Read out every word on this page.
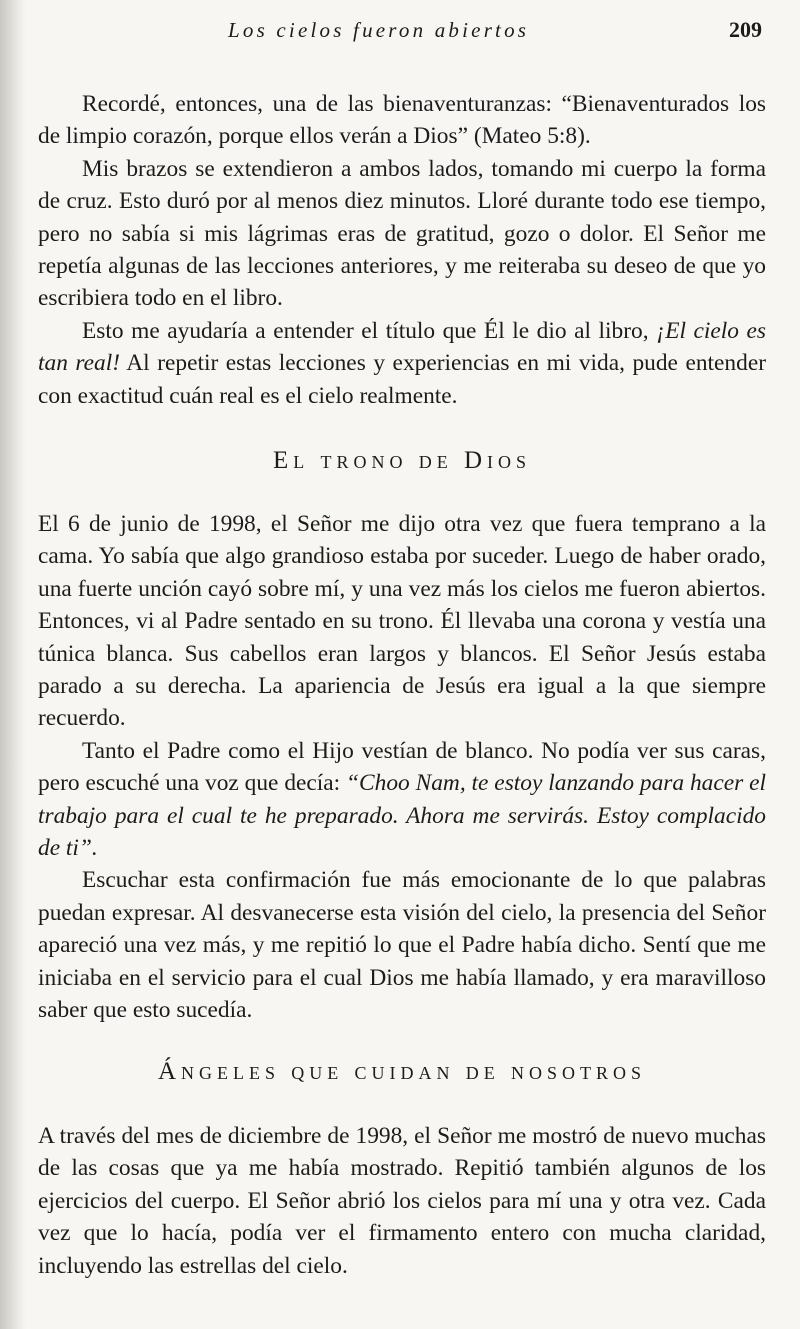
Los cielos fueron abiertos	209

Recordé, entonces, una de las bienaventuranzas: “Bienaventurados los de limpio corazón, porque ellos verán a Dios” (Mateo 5:8).

Mis brazos se extendieron a ambos lados, tomando mi cuerpo la forma de cruz. Esto duró por al menos diez minutos. Lloré durante todo ese tiempo, pero no sabía si mis lágrimas eras de gratitud, gozo o dolor. El Señor me repetía algunas de las lecciones anteriores, y me reiteraba su deseo de que yo escribiera todo en el libro.

Esto me ayudaría a entender el título que Él le dio al libro, ¡El cielo es tan real! Al repetir estas lecciones y experiencias en mi vida, pude entender con exactitud cuán real es el cielo realmente.

El trono de Dios

El 6 de junio de 1998, el Señor me dijo otra vez que fuera temprano a la cama. Yo sabía que algo grandioso estaba por suceder. Luego de haber orado, una fuerte unción cayó sobre mí, y una vez más los cielos me fueron abiertos. Entonces, vi al Padre sentado en su trono. Él llevaba una corona y vestía una túnica blanca. Sus cabellos eran largos y blancos. El Señor Jesús estaba parado a su derecha. La apariencia de Jesús era igual a la que siempre recuerdo.

Tanto el Padre como el Hijo vestían de blanco. No podía ver sus caras, pero escuché una voz que decía: “Choo Nam, te estoy lanzando para hacer el trabajo para el cual te he preparado. Ahora me servirás. Estoy complacido de ti”.

Escuchar esta confirmación fue más emocionante de lo que palabras puedan expresar. Al desvanecerse esta visión del cielo, la presencia del Señor apareció una vez más, y me repitió lo que el Padre había dicho. Sentí que me iniciaba en el servicio para el cual Dios me había llamado, y era maravilloso saber que esto sucedía.

Ángeles que cuidan de nosotros

A través del mes de diciembre de 1998, el Señor me mostró de nuevo muchas de las cosas que ya me había mostrado. Repitió también algunos de los ejercicios del cuerpo. El Señor abrió los cielos para mí una y otra vez. Cada vez que lo hacía, podía ver el firmamento entero con mucha claridad, incluyendo las estrellas del cielo.
